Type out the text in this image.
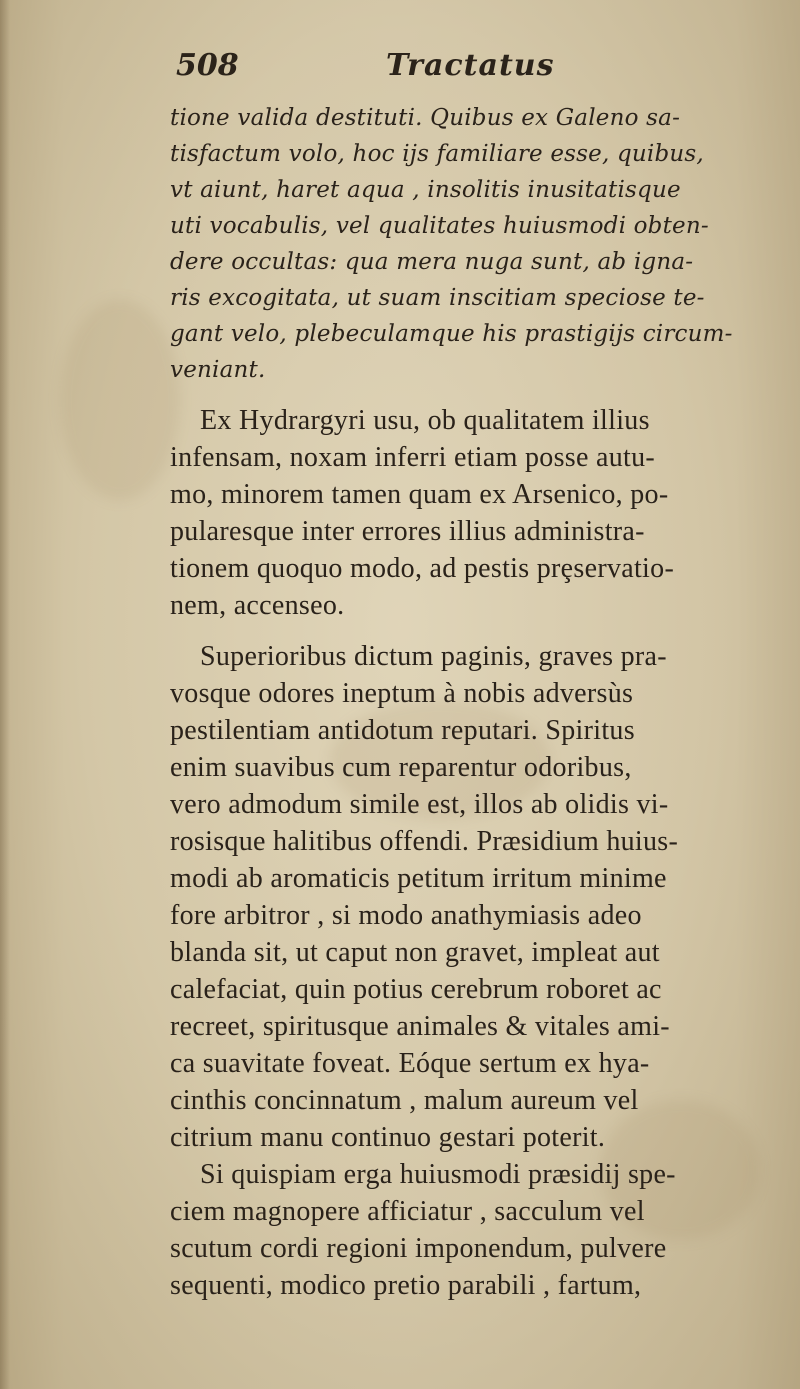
508	Tractatus
tione valida destituti. Quibus ex Galeno sa-
tisfactum volo, hoc ijs familiare esse, quibus,
vt aiunt, haret aqua , insolitis inusitatisque
uti vocabulis, vel qualitates huiusmodi obten-
dere occultas: qua mera nuga sunt, ab igna-
ris excogitata, ut suam inscitiam speciose te-
gant velo, plebeculamque his prastigijs circum-
veniant.
Ex Hydrargyri usu, ob qualitatem illius
infensam, noxam inferri etiam posse autu-
mo, minorem tamen quam ex Arsenico, po-
pularesque inter errores illius administra-
tionem quoquo modo, ad pestis prȩservatio-
nem, accenseo.
Superioribus dictum paginis, graves pra-
vosque odores ineptum à nobis adversùs
pestilentiam antidotum reputari. Spiritus
enim suavibus cum reparentur odoribus,
vero admodum simile est, illos ab olidis vi-
rosisque halitibus offendi. Præsidium huius-
modi ab aromaticis petitum irritum minime
fore arbitror , si modo anathymiasis adeo
blanda sit, ut caput non gravet, impleat aut
calefaciat, quin potius cerebrum roboret ac
recreet, spiritusque animales & vitales ami-
ca suavitate foveat. Eóque sertum ex hya-
cinthis concinnatum , malum aureum vel
citrium manu continuo gestari poterit.
Si quispiam erga huiusmodi præsidij spe-
ciem magnopere afficiatur , sacculum vel
scutum cordi regioni imponendum, pulvere
sequenti, modico pretio parabili , fartum,
